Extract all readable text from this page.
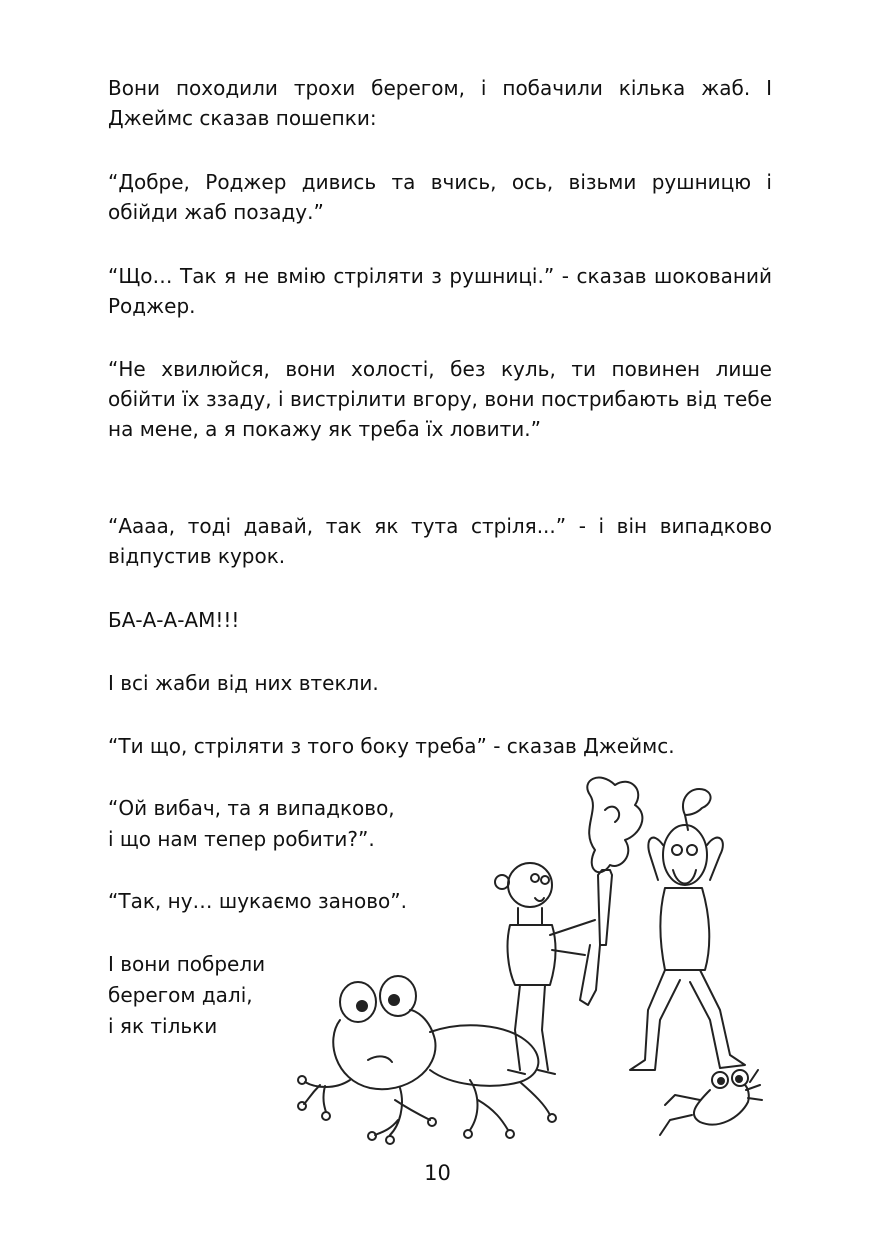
Вони походили трохи берегом, і побачили кілька жаб. І Джеймс сказав пошепки:

“Добре, Роджер дивись та вчись, ось, візьми рушницю і обійди жаб позаду.”

“Що… Так я не вмію стріляти з рушниці.” - сказав шокований Роджер.

“Не хвилюйся, вони холості, без куль, ти повинен лише обійти їх ззаду, і вистрілити вгору, вони пострибають від тебе на мене, а я покажу як треба їх ловити.”

“Аааа, тоді давай, так як тута стріля...” - і він випадково відпустив курок.

БА-А-А-АМ!!!

І всі жаби від них втекли.

“Ти що, стріляти з того боку треба” - сказав Джеймс.

“Ой вибач, та я випадково,

і що нам тепер робити?”.

“Так, ну… шукаємо заново”.

І вони побрели

берегом далі,

і як тільки

10
